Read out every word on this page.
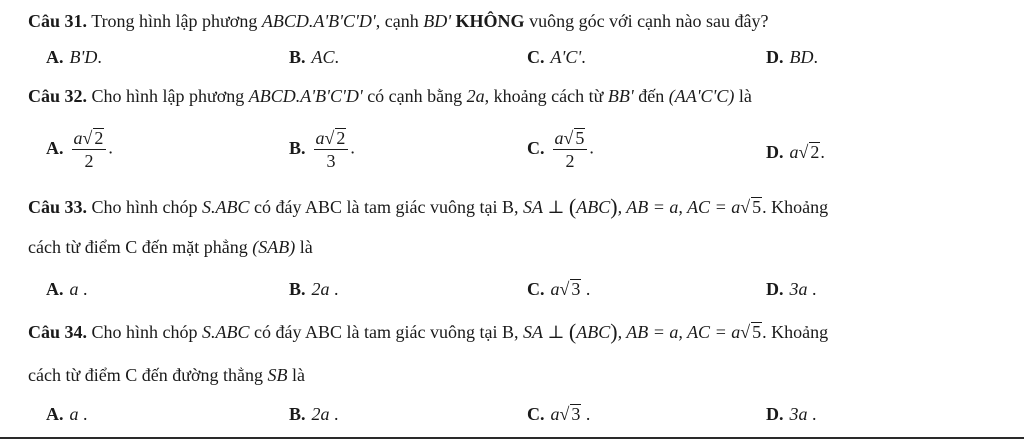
Câu 31. Trong hình lập phương ABCD.A'B'C'D', cạnh BD' KHÔNG vuông góc với cạnh nào sau đây?
A. B'D.	B. AC.	C. A'C'.	D. BD.
Câu 32. Cho hình lập phương ABCD.A'B'C'D' có cạnh bằng 2a, khoảng cách từ BB' đến (AA'C'C) là
A. $\frac{a√ 2}{2}$ .	B. $\frac{a√ 2}{3}$ .	C. $\frac{a√ 5}{2}$ .	D. a√ 2.
Câu 33. Cho hình chóp S.ABC có đáy ABC là tam giác vuông tại B, SA ⊥ (ABC), AB = a, AC = a√ 5. Khoảng
cách từ điểm C đến mặt phẳng (SAB) là
A. a .	B. 2a .	C. a√ 3 .	D. 3a .
Câu 34. Cho hình chóp S.ABC có đáy ABC là tam giác vuông tại B, SA ⊥ (ABC), AB = a, AC = a√ 5. Khoảng
cách từ điểm C đến đường thẳng SB là
A. a .	B. 2a .	C. a√ 3 .	D. 3a .
